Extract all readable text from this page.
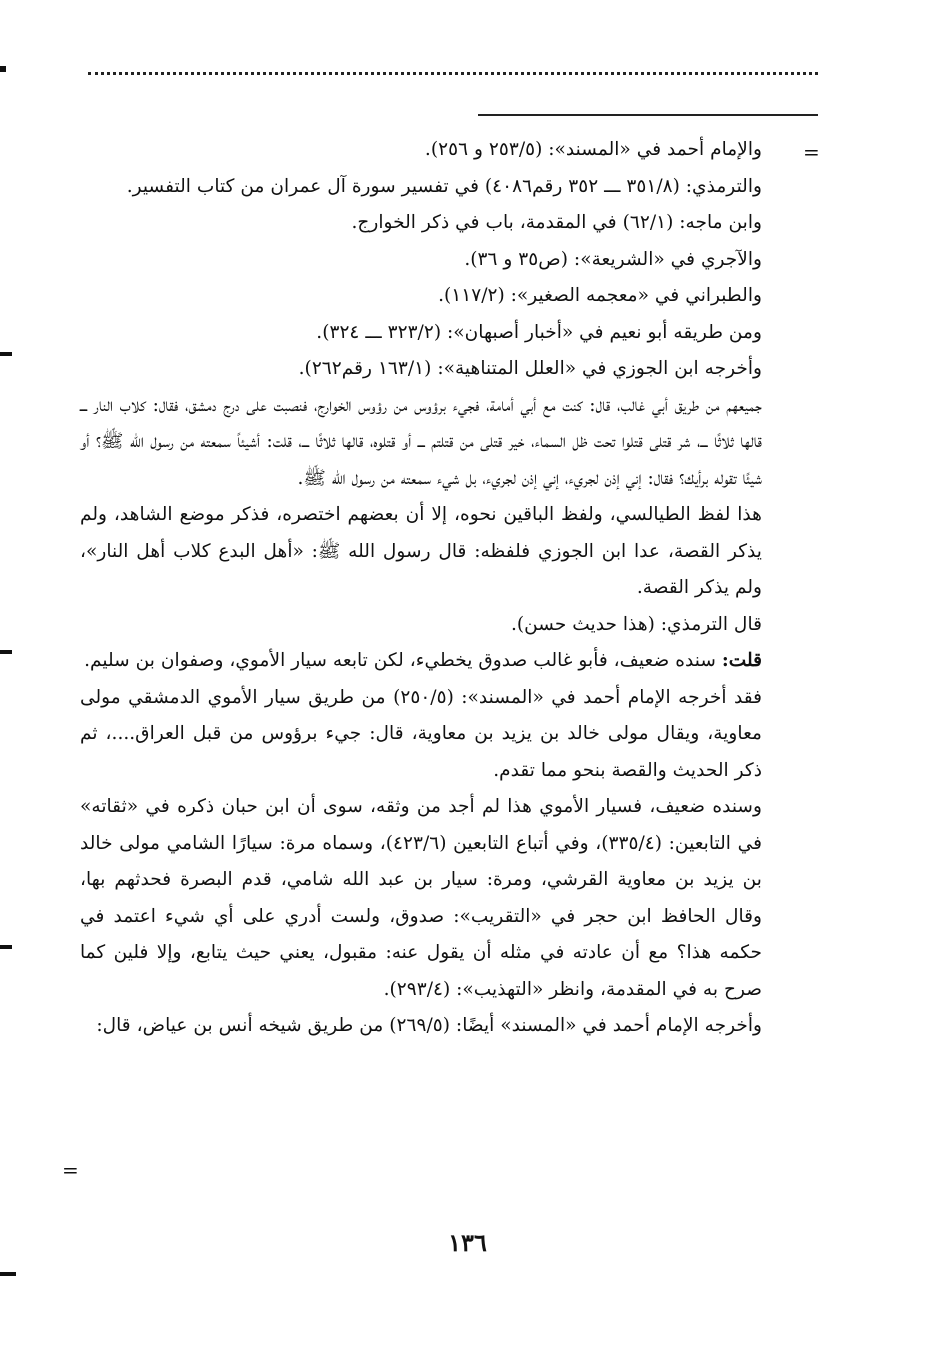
=
=

والإمام أحمد في «المسند»: (٢٥٣/٥ و ٢٥٦).

والترمذي: (٣٥١/٨ ـــ ٣٥٢ رقم٤٠٨٦) في تفسير سورة آل عمران من كتاب التفسير.

وابن ماجه: (٦٢/١) في المقدمة، باب في ذكر الخوارج.

والآجري في «الشريعة»: (ص٣٥ و ٣٦).

والطبراني في «معجمه الصغير»: (١١٧/٢).

ومن طريقه أبو نعيم في «أخبار أصبهان»: (٣٢٣/٢ ـــ ٣٢٤).

وأخرجه ابن الجوزي في «العلل المتناهية»: (١٦٣/١ رقم٢٦٢).

جميعهم من طريق أبي غالب، قال: كنت مع أبي أمامة، فجيء برؤوس من رؤوس الخوارج، فنصبت على درج دمشق، فقال: كلاب النار ـــ قالها ثلاثًا ـــ، شر قتلى قتلوا تحت ظل السماء، خير قتلى من قتلتم ـــ أو قتلوه، قالها ثلاثًا ـــ، قلت: أشيئاً سمعته من رسول الله ﷺ؟ أو شيئًا تقوله برأيك؟ فقال: إني إذن لجريء، إني إذن لجريء، بل شيء سمعته من رسول الله ﷺ.

هذا لفظ الطيالسي، ولفظ الباقين نحوه، إلا أن بعضهم اختصره، فذكر موضع الشاهد، ولم يذكر القصة، عدا ابن الجوزي فلفظه: قال رسول الله ﷺ: «أهل البدع كلاب أهل النار»، ولم يذكر القصة.

قال الترمذي: (هذا حديث حسن).

قلت: سنده ضعيف، فأبو غالب صدوق يخطيء، لكن تابعه سيار الأموي، وصفوان بن سليم.

فقد أخرجه الإمام أحمد في «المسند»: (٢٥٠/٥) من طريق سيار الأموي الدمشقي مولى معاوية، ويقال مولى خالد بن يزيد بن معاوية، قال: جيء برؤوس من قبل العراق....، ثم ذكر الحديث والقصة بنحو مما تقدم.

وسنده ضعيف، فسيار الأموي هذا لم أجد من وثقه، سوى أن ابن حبان ذكره في «ثقاته» في التابعين: (٣٣٥/٤)، وفي أتباع التابعين (٤٢٣/٦)، وسماه مرة: سيارًا الشامي مولى خالد بن يزيد بن معاوية القرشي، ومرة: سيار بن عبد الله شامي، قدم البصرة فحدثهم بها، وقال الحافظ ابن حجر في «التقريب»: صدوق، ولست أدري على أي شيء اعتمد في حكمه هذا؟ مع أن عادته في مثله أن يقول عنه: مقبول، يعني حيث يتابع، وإلا فلين كما صرح به في المقدمة، وانظر «التهذيب»: (٢٩٣/٤).

وأخرجه الإمام أحمد في «المسند» أيضًا: (٢٦٩/٥) من طريق شيخه أنس بن عياض، قال:

١٣٦
